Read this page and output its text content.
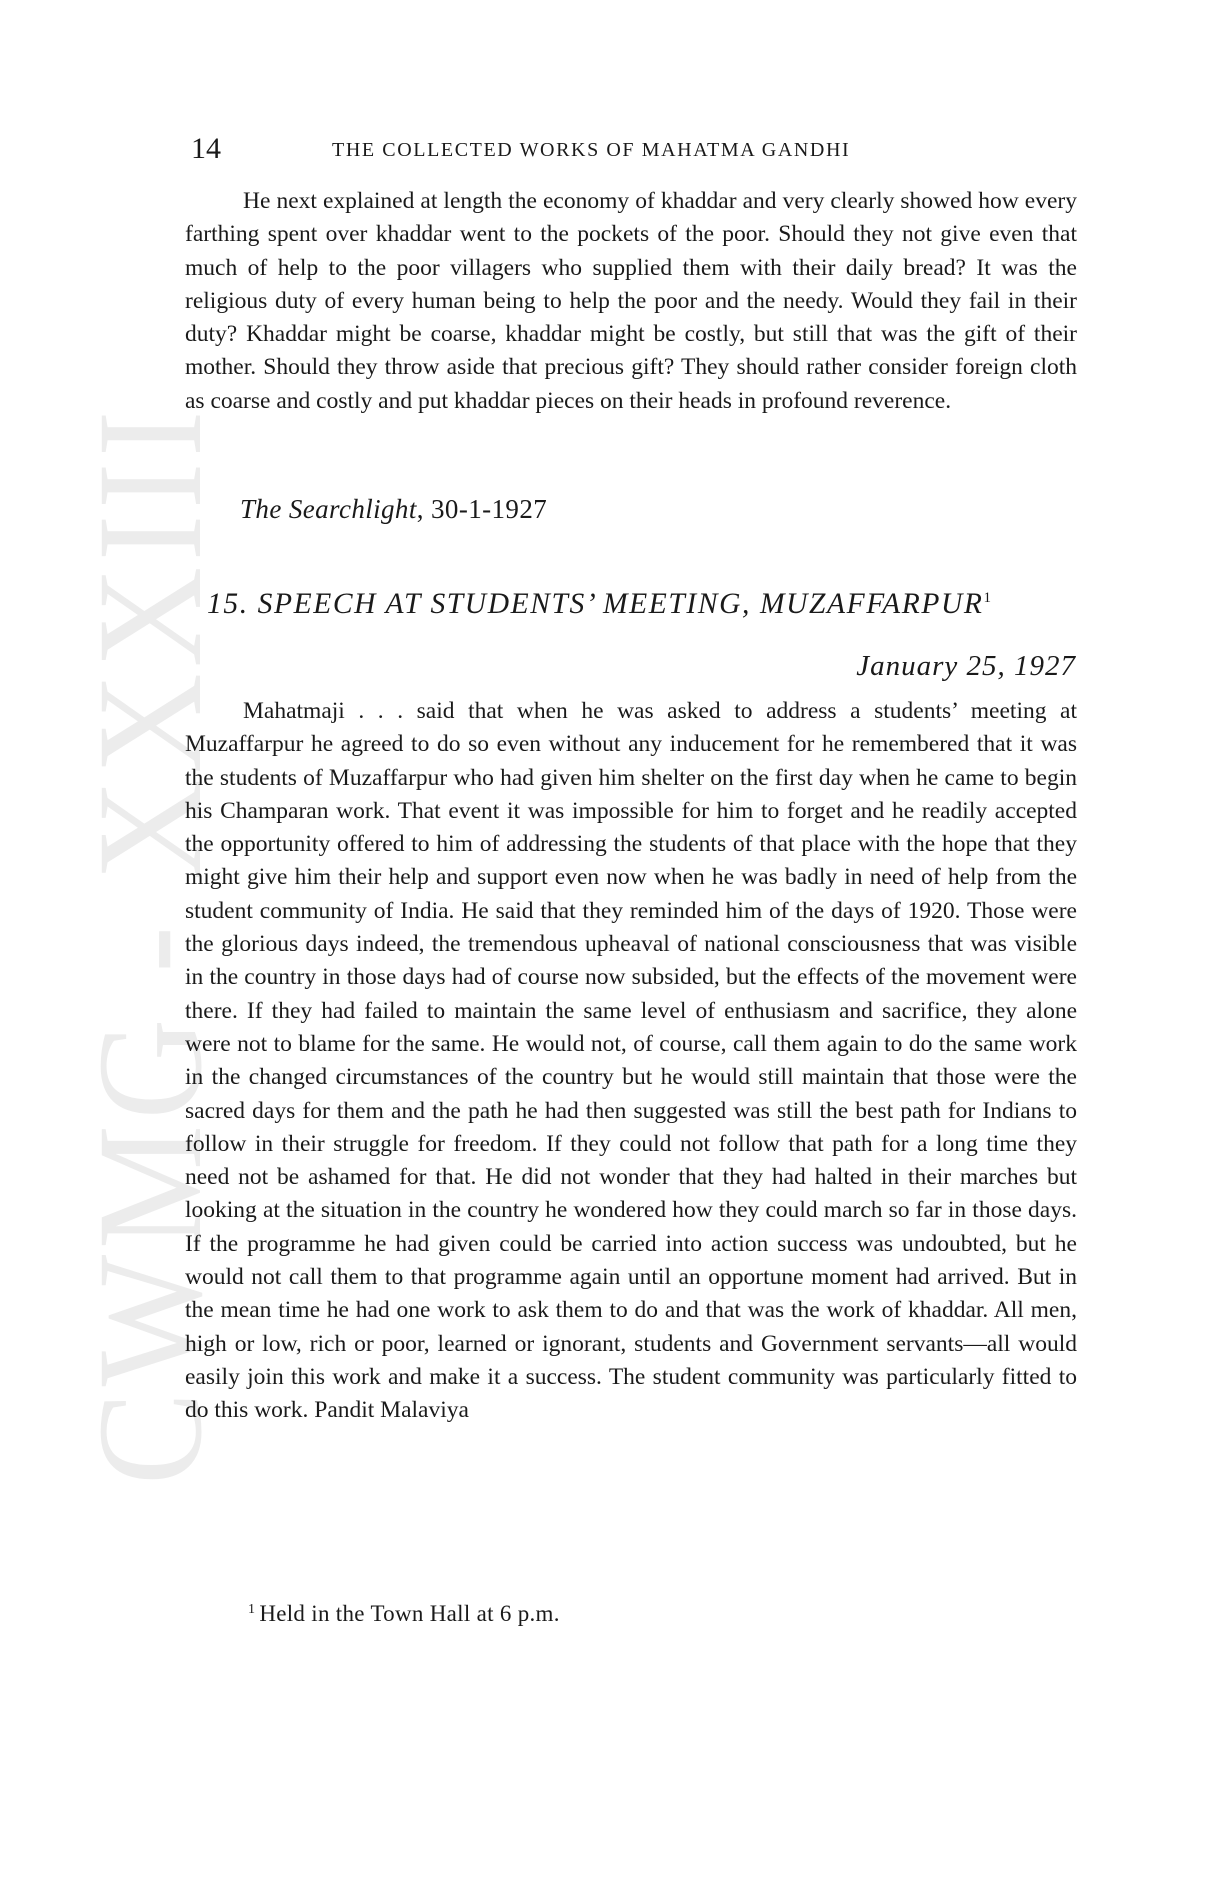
CWMG - XXXIII
14	THE COLLECTED WORKS OF MAHATMA GANDHI

He next explained at length the economy of khaddar and very clearly showed how every farthing spent over khaddar went to the pockets of the poor. Should they not give even that much of help to the poor villagers who supplied them with their daily bread? It was the religious duty of every human being to help the poor and the needy. Would they fail in their duty? Khaddar might be coarse, khaddar might be costly, but still that was the gift of their mother. Should they throw aside that precious gift? They should rather consider foreign cloth as coarse and costly and put khaddar pieces on their heads in profound reverence.

The Searchlight, 30-1-1927
15. SPEECH AT STUDENTS’ MEETING, MUZAFFARPUR$^1$
January 25, 1927

Mahatmaji . . . said that when he was asked to address a students’ meeting at Muzaffarpur he agreed to do so even without any inducement for he remembered that it was the students of Muzaffarpur who had given him shelter on the first day when he came to begin his Champaran work. That event it was impossible for him to forget and he readily accepted the opportunity offered to him of addressing the students of that place with the hope that they might give him their help and support even now when he was badly in need of help from the student community of India. He said that they reminded him of the days of 1920. Those were the glorious days indeed, the tremendous upheaval of national consciousness that was visible in the country in those days had of course now subsided, but the effects of the movement were there. If they had failed to maintain the same level of enthusiasm and sacrifice, they alone were not to blame for the same. He would not, of course, call them again to do the same work in the changed circumstances of the country but he would still maintain that those were the sacred days for them and the path he had then suggested was still the best path for Indians to follow in their struggle for freedom. If they could not follow that path for a long time they need not be ashamed for that. He did not wonder that they had halted in their marches but looking at the situation in the country he wondered how they could march so far in those days. If the programme he had given could be carried into action success was undoubted, but he would not call them to that programme again until an opportune moment had arrived. But in the mean time he had one work to ask them to do and that was the work of khaddar. All men, high or low, rich or poor, learned or ignorant, students and Government servants—all would easily join this work and make it a success. The student community was particularly fitted to do this work. Pandit Malaviya

$^1$ Held in the Town Hall at 6 p.m.
